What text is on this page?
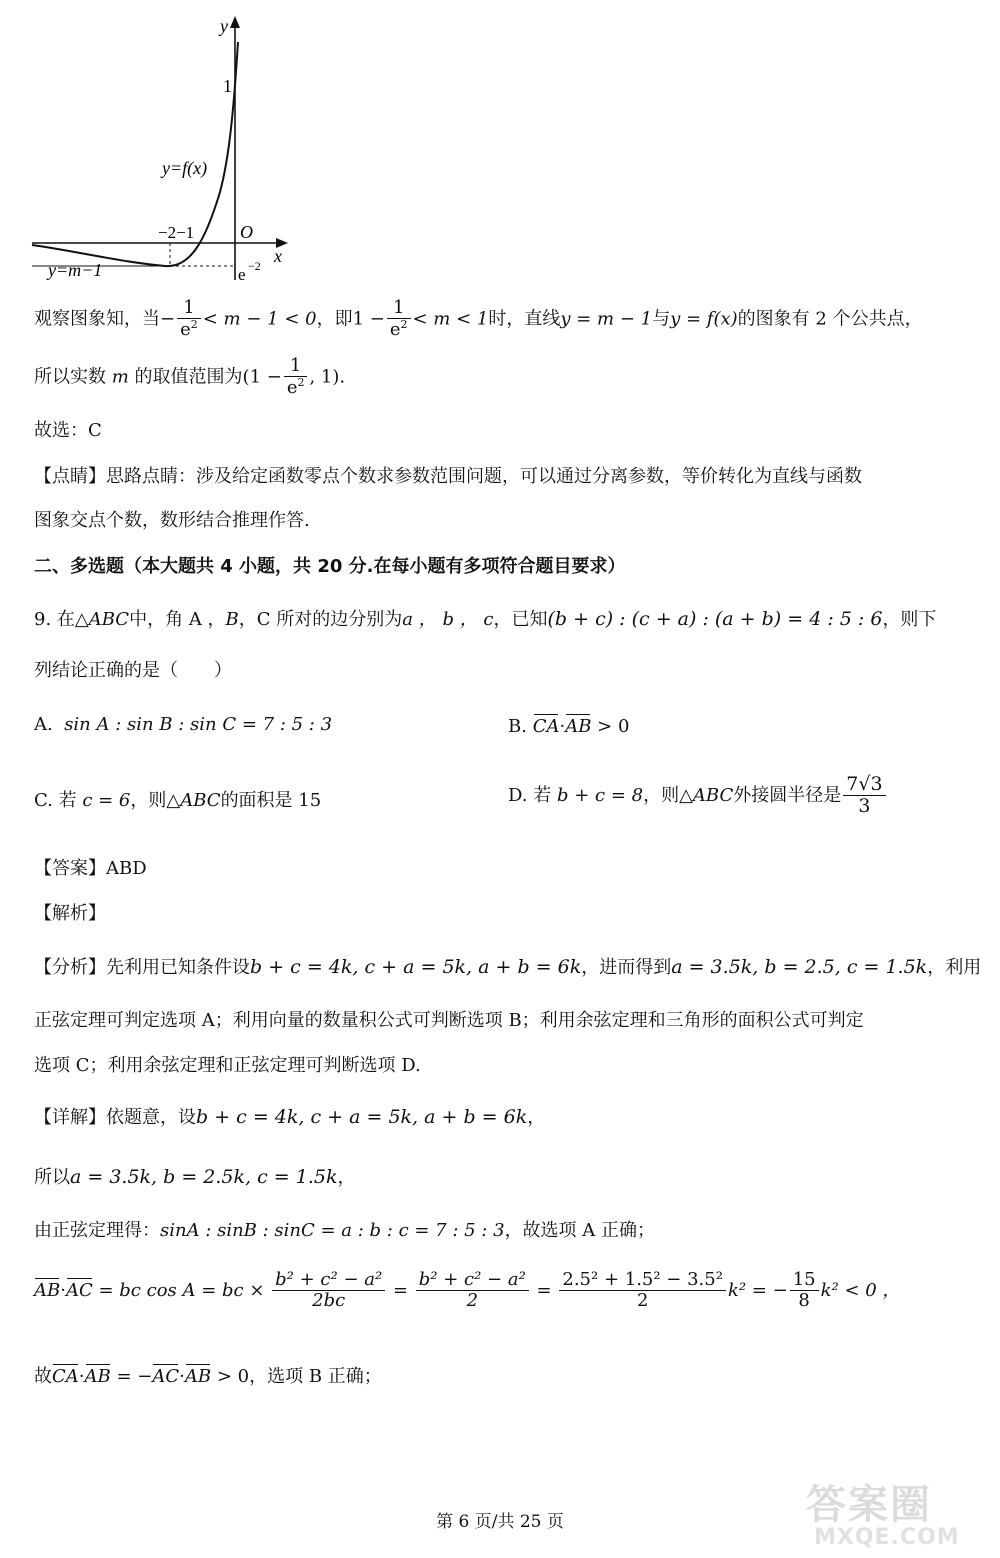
y
x
O
1
−2−1
y=f(x)
y=m−1	e −2
观察图象知，当− $\frac{1}{e^2} < m - 1 < 0$，即$1 - \frac{1}{e^2} < m < 1$时，直线y = m − 1与y = f(x)的图象有 2 个公共点，
所以实数 m 的取值范围为($1 - \frac{1}{e^2}$ , 1).
故选：C
【点睛】思路点睛：涉及给定函数零点个数求参数范围问题，可以通过分离参数，等价转化为直线与函数
图象交点个数，数形结合推理作答.
二、多选题（本大题共 4 小题，共 20 分.在每小题有多项符合题目要求）
9. 在△ABC中，角 A ，B，C 所对的边分别为a ， b ， c，已知(b + c) : (c + a) : (a + b) = 4 : 5 : 6，则下
列结论正确的是（　　）
A. sin A : sin B : sin C = 7 : 5 : 3	B. CA·AB > 0
C. 若 c = 6，则△ABC的面积是 15	D. 若 b + c = 8，则△ABC外接圆半径是 $\frac{7√3}{3}$
【答案】ABD
【解析】
【分析】先利用已知条件设b + c = 4k, c + a = 5k, a + b = 6k，进而得到a = 3.5k, b = 2.5, c = 1.5k，利用
正弦定理可判定选项 A；利用向量的数量积公式可判断选项 B；利用余弦定理和三角形的面积公式可判定
选项 C；利用余弦定理和正弦定理可判断选项 D.
【详解】依题意，设b + c = 4k, c + a = 5k, a + b = 6k，
所以a = 3.5k, b = 2.5k, c = 1.5k，
由正弦定理得：sinA : sinB : sinC = a : b : c = 7 : 5 : 3，故选项 A 正确；
AB·AC = bc cos A = bc × $\frac{\text{b² + c² − a²}}{2bc} = \frac{\text{b² + c² − a²}}{2} = \frac{\text{2.5² + 1.5² − 3.5²}}{2} k^2$ = − $\frac{15}{8} k^2 < 0$ ，
故CA·AB = −AC·AB > 0，选项 B 正确；
第 6 页/共 25 页	答案圈
MXQE.COM
